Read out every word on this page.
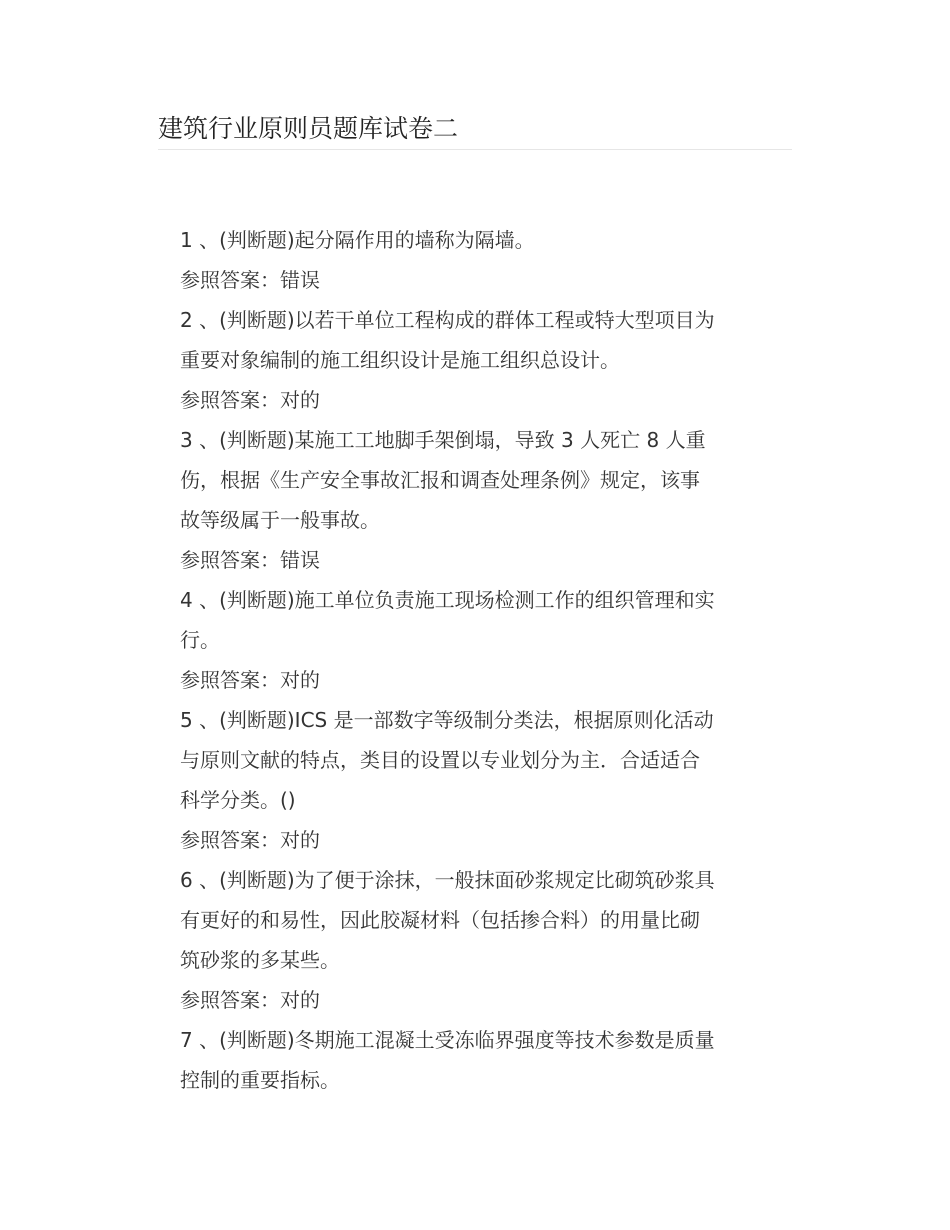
建筑行业原则员题库试卷二

1 、(判断题)起分隔作用的墙称为隔墙。

参照答案：错误

2 、(判断题)以若干单位工程构成的群体工程或特大型项目为

重要对象编制的施工组织设计是施工组织总设计。

参照答案：对的

3 、(判断题)某施工工地脚手架倒塌，导致 3 人死亡 8 人重

伤，根据《生产安全事故汇报和调查处理条例》规定，该事

故等级属于一般事故。

参照答案：错误

4 、(判断题)施工单位负责施工现场检测工作的组织管理和实

行。

参照答案：对的

5 、(判断题)ICS 是一部数字等级制分类法，根据原则化活动

与原则文献的特点，类目的设置以专业划分为主．合适适合

科学分类。()

参照答案：对的

6 、(判断题)为了便于涂抹，一般抹面砂浆规定比砌筑砂浆具

有更好的和易性，因此胶凝材料（包括掺合料）的用量比砌

筑砂浆的多某些。

参照答案：对的

7 、(判断题)冬期施工混凝土受冻临界强度等技术参数是质量

控制的重要指标。
